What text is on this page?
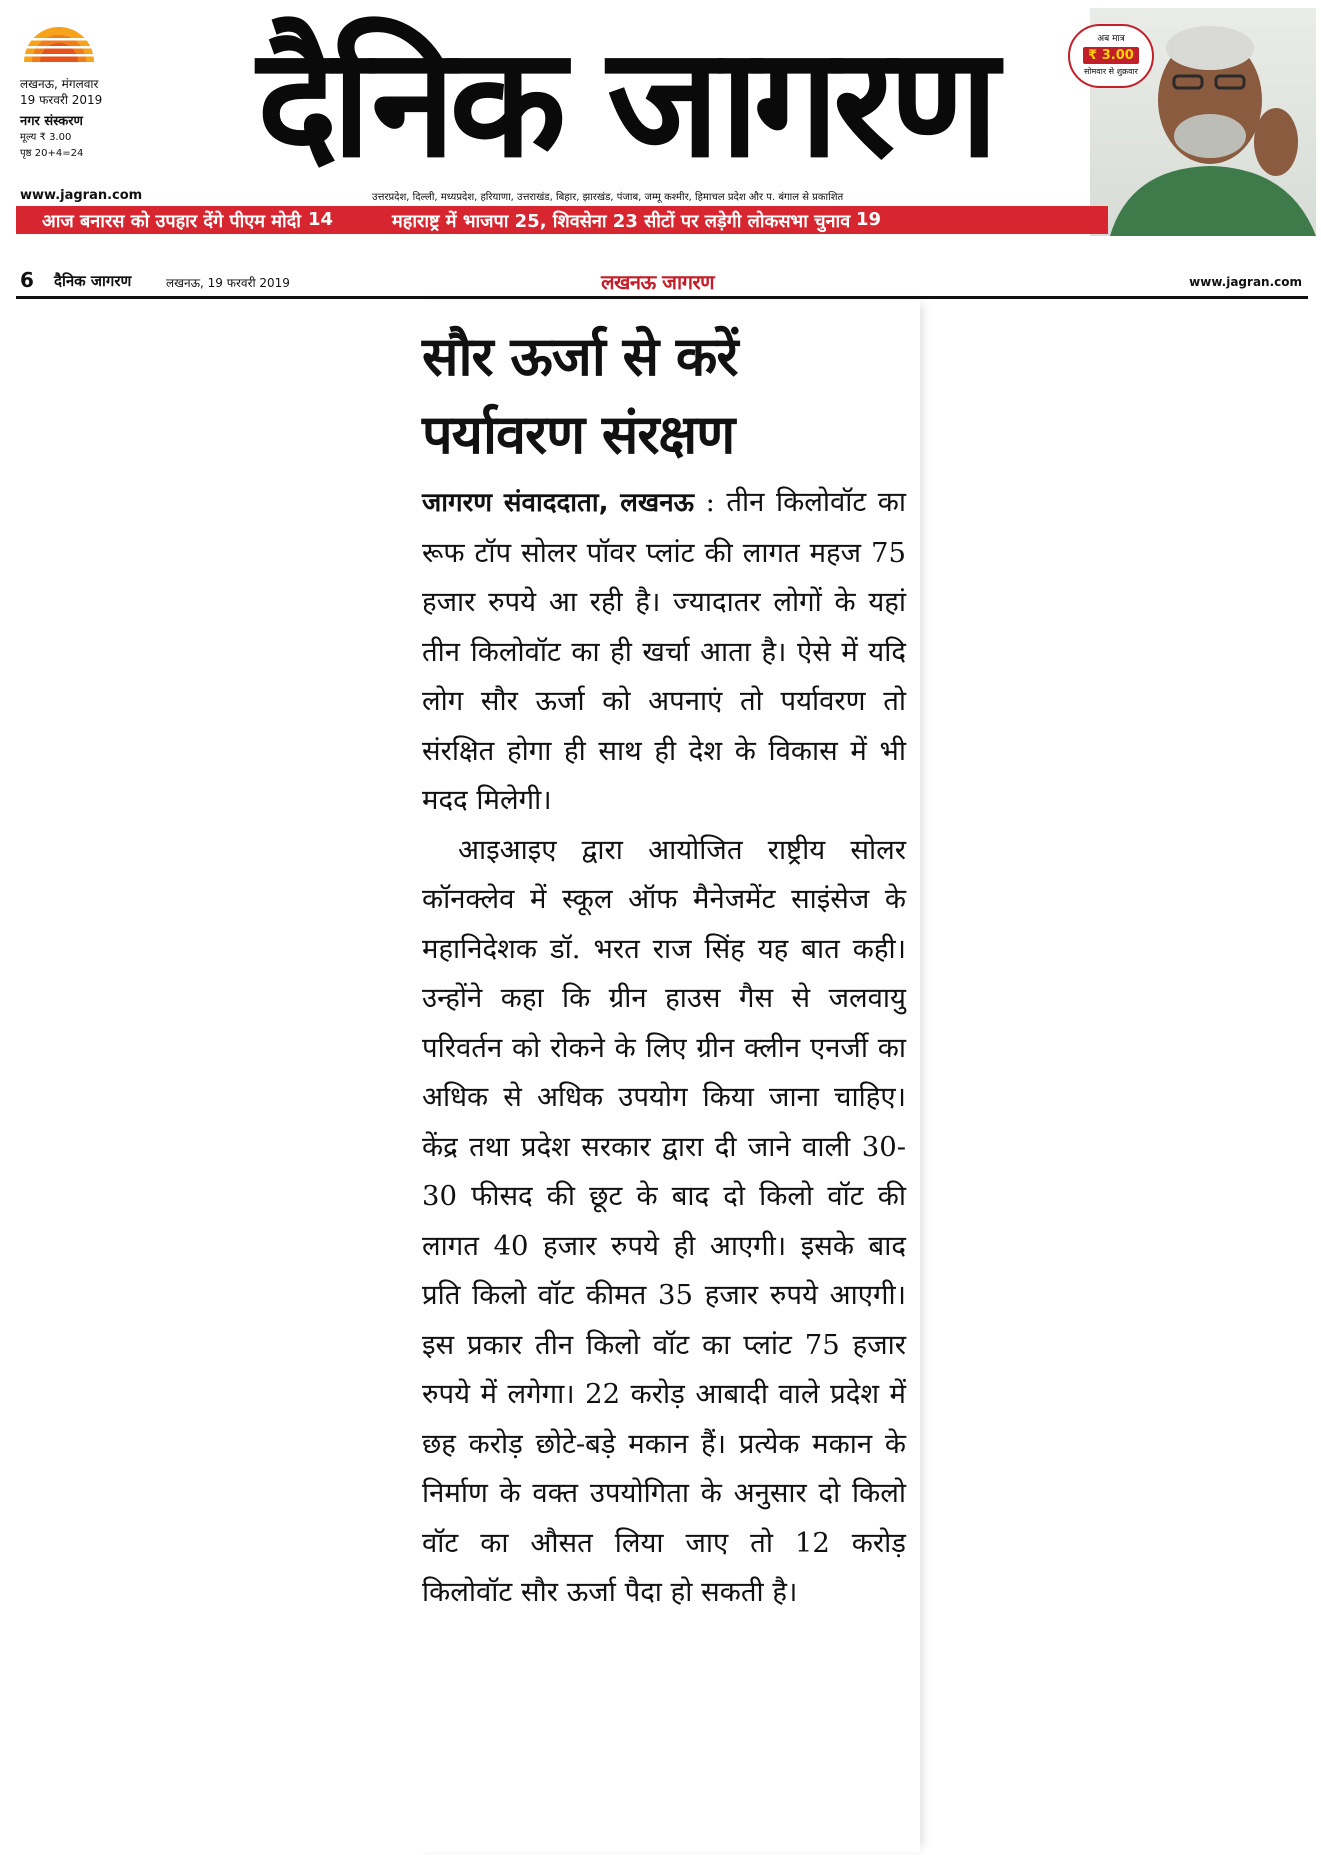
लखनऊ, मंगलवार
19 फरवरी 2019
नगर संस्करण
मूल्य ₹ 3.00
पृष्ठ 20+4=24	दैनिक जागरण	अब मात्र
₹ 3.00
सोमवार से शुक्रवार
www.jagran.com	उत्तरप्रदेश, दिल्ली, मध्यप्रदेश, हरियाणा, उत्तराखंड, बिहार, झारखंड, पंजाब, जम्मू कश्मीर, हिमाचल प्रदेश और प. बंगाल से प्रकाशित
आज बनारस को उपहार देंगे पीएम मोदी 14	महाराष्ट्र में भाजपा 25, शिवसेना 23 सीटों पर लड़ेगी लोकसभा चुनाव 19
6 दैनिक जागरण	लखनऊ, 19 फरवरी 2019	लखनऊ जागरण	www.jagran.com
सौर ऊर्जा से करें
पर्यावरण संरक्षण

जागरण संवाददाता, लखनऊ : तीन किलोवॉट का रूफ टॉप सोलर पॉवर प्लांट की लागत महज 75 हजार रुपये आ रही है। ज्यादातर लोगों के यहां तीन किलोवॉट का ही खर्चा आता है। ऐसे में यदि लोग सौर ऊर्जा को अपनाएं तो पर्यावरण तो संरक्षित होगा ही साथ ही देश के विकास में भी मदद मिलेगी।

आइआइए द्वारा आयोजित राष्ट्रीय सोलर कॉनक्लेव में स्कूल ऑफ मैनेजमेंट साइंसेज के महानिदेशक डॉ. भरत राज सिंह यह बात कही। उन्होंने कहा कि ग्रीन हाउस गैस से जलवायु परिवर्तन को रोकने के लिए ग्रीन क्लीन एनर्जी का अधिक से अधिक उपयोग किया जाना चाहिए। केंद्र तथा प्रदेश सरकार द्वारा दी जाने वाली 30-30 फीसद की छूट के बाद दो किलो वॉट की लागत 40 हजार रुपये ही आएगी। इसके बाद प्रति किलो वॉट कीमत 35 हजार रुपये आएगी। इस प्रकार तीन किलो वॉट का प्लांट 75 हजार रुपये में लगेगा। 22 करोड़ आबादी वाले प्रदेश में छह करोड़ छोटे-बड़े मकान हैं। प्रत्येक मकान के निर्माण के वक्त उपयोगिता के अनुसार दो किलो वॉट का औसत लिया जाए तो 12 करोड़ किलोवॉट सौर ऊर्जा पैदा हो सकती है।
